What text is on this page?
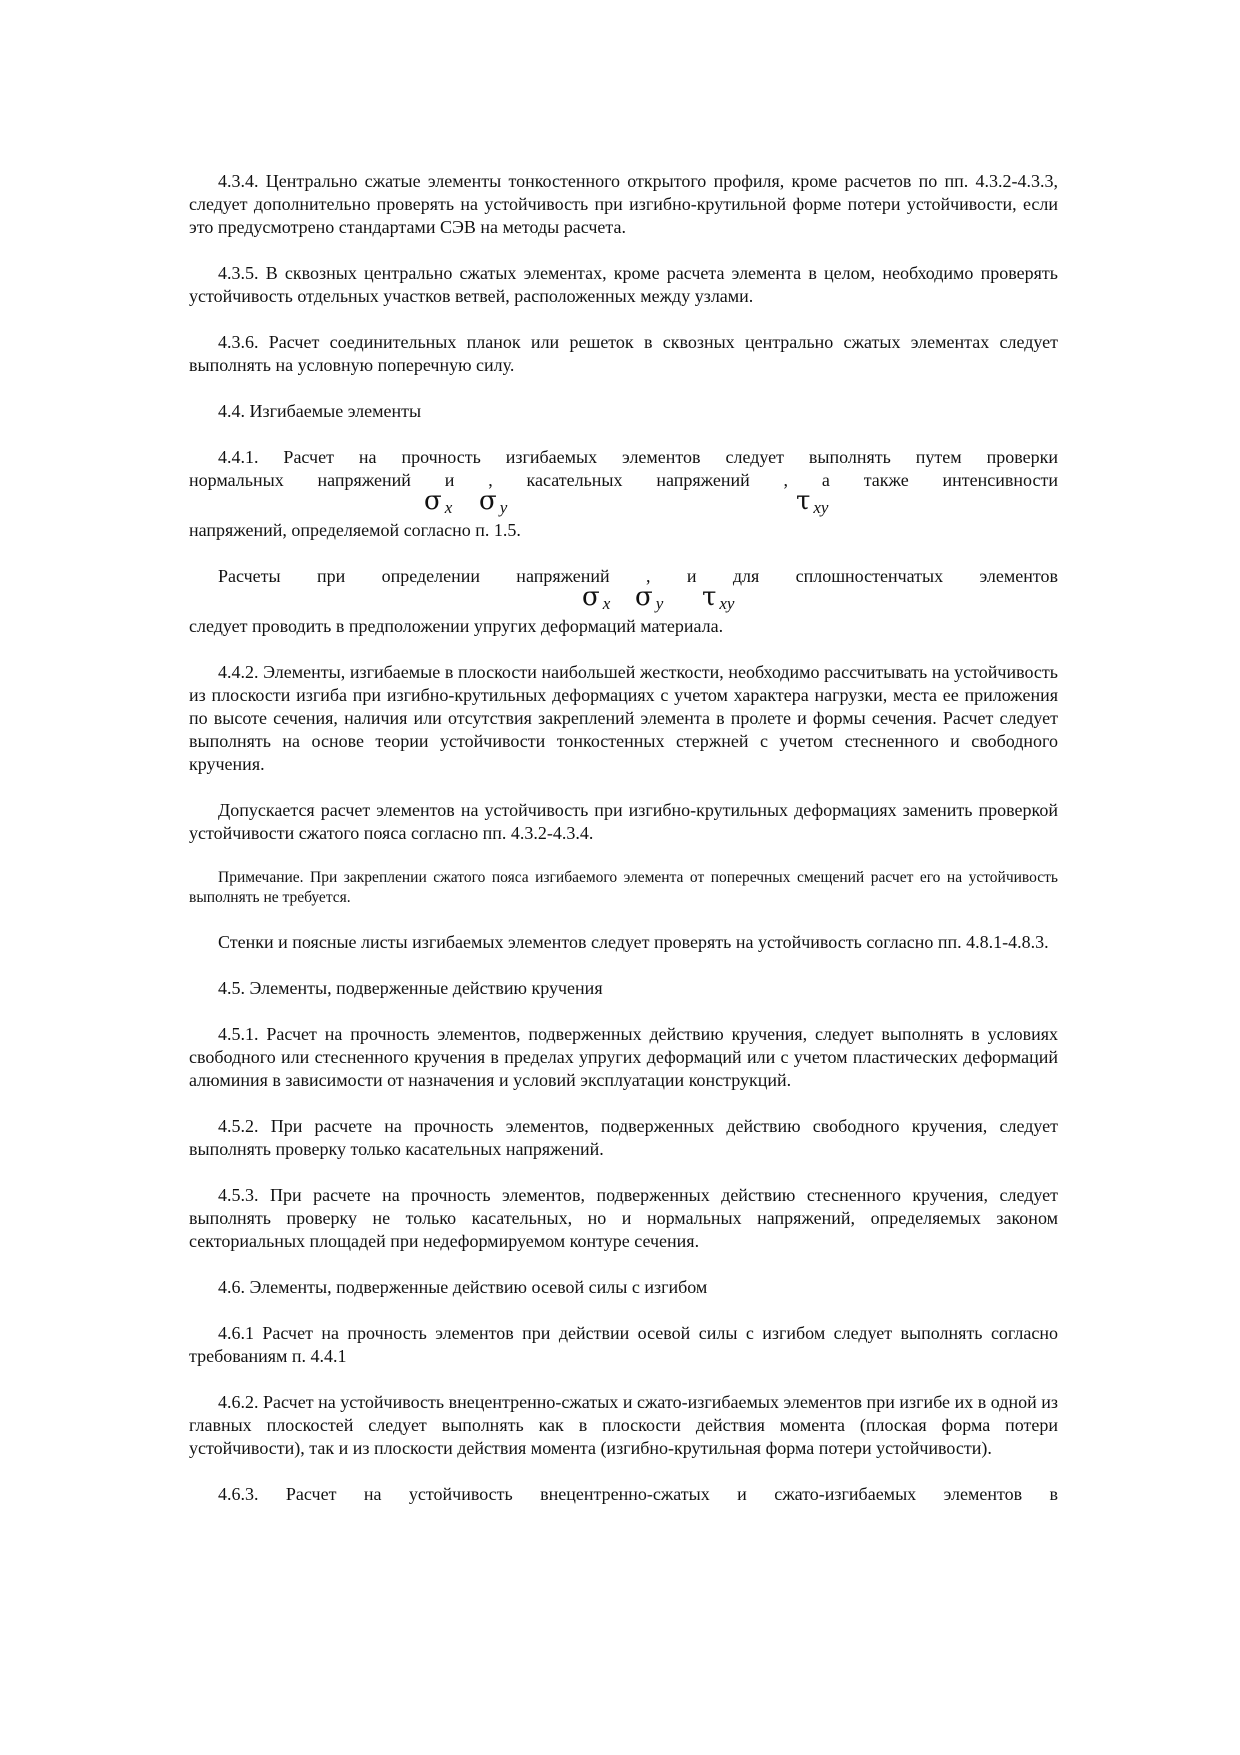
4.3.4. Центрально сжатые элементы тонкостенного открытого профиля, кроме расчетов по пп. 4.3.2-4.3.3, следует дополнительно проверять на устойчивость при изгибно-крутильной форме потери устойчивости, если это предусмотрено стандартами СЭВ на методы расчета.

4.3.5. В сквозных центрально сжатых элементах, кроме расчета элемента в целом, необходимо проверять устойчивость отдельных участков ветвей, расположенных между узлами.

4.3.6. Расчет соединительных планок или решеток в сквозных центрально сжатых элементах следует выполнять на условную поперечную силу.

4.4. Изгибаемые элементы

4.4.1. Расчет на прочность изгибаемых элементов следует выполнять путем проверки

нормальных напряжений и , касательных напряжений , а также интенсивности

σ $_x$ σ $_y$	τ $_{xy}$

напряжений, определяемой согласно п. 1.5.

Расчеты при определении напряжений , и для сплошностенчатых элементов

σ $_x$ σ $_y$ τ $_{xy}$

следует проводить в предположении упругих деформаций материала.

4.4.2. Элементы, изгибаемые в плоскости наибольшей жесткости, необходимо рассчитывать на устойчивость из плоскости изгиба при изгибно-крутильных деформациях с учетом характера нагрузки, места ее приложения по высоте сечения, наличия или отсутствия закреплений элемента в пролете и формы сечения. Расчет следует выполнять на основе теории устойчивости тонкостенных стержней с учетом стесненного и свободного кручения.

Допускается расчет элементов на устойчивость при изгибно-крутильных деформациях заменить проверкой устойчивости сжатого пояса согласно пп. 4.3.2-4.3.4.

Примечание. При закреплении сжатого пояса изгибаемого элемента от поперечных смещений расчет его на устойчивость выполнять не требуется.

Стенки и поясные листы изгибаемых элементов следует проверять на устойчивость согласно пп. 4.8.1-4.8.3.

4.5. Элементы, подверженные действию кручения

4.5.1. Расчет на прочность элементов, подверженных действию кручения, следует выполнять в условиях свободного или стесненного кручения в пределах упругих деформаций или с учетом пластических деформаций алюминия в зависимости от назначения и условий эксплуатации конструкций.

4.5.2. При расчете на прочность элементов, подверженных действию свободного кручения, следует выполнять проверку только касательных напряжений.

4.5.3. При расчете на прочность элементов, подверженных действию стесненного кручения, следует выполнять проверку не только касательных, но и нормальных напряжений, определяемых законом секториальных площадей при недеформируемом контуре сечения.

4.6. Элементы, подверженные действию осевой силы с изгибом

4.6.1 Расчет на прочность элементов при действии осевой силы с изгибом следует выполнять согласно требованиям п. 4.4.1

4.6.2. Расчет на устойчивость внецентренно-сжатых и сжато-изгибаемых элементов при изгибе их в одной из главных плоскостей следует выполнять как в плоскости действия момента (плоская форма потери устойчивости), так и из плоскости действия момента (изгибно-крутильная форма потери устойчивости).

4.6.3. Расчет на устойчивость внецентренно-сжатых и сжато-изгибаемых элементов в
